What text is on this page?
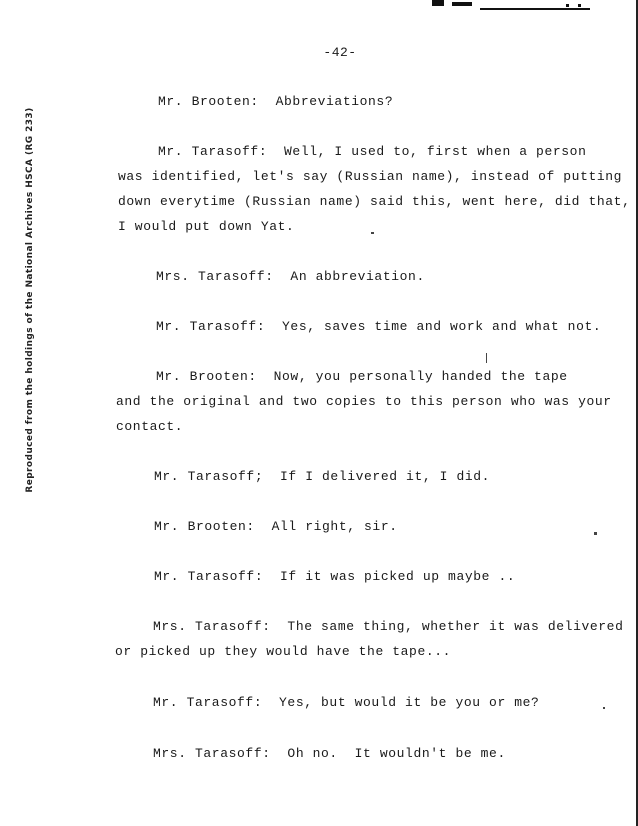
-42-
Reproduced from the holdings of the National Archives HSCA (RG 233)
Mr. Brooten:  Abbreviations?
Mr. Tarasoff:  Well, I used to, first when a person
was identified, let's say (Russian name), instead of putting
down everytime (Russian name) said this, went here, did that,
I would put down Yat.
Mrs. Tarasoff:  An abbreviation.
Mr. Tarasoff:  Yes, saves time and work and what not.
Mr. Brooten:  Now, you personally handed the tape
and the original and two copies to this person who was your
contact.
Mr. Tarasoff;  If I delivered it, I did.
Mr. Brooten:  All right, sir.
Mr. Tarasoff:  If it was picked up maybe ..
Mrs. Tarasoff:  The same thing, whether it was delivered
or picked up they would have the tape...
Mr. Tarasoff:  Yes, but would it be you or me?
Mrs. Tarasoff:  Oh no.  It wouldn't be me.
